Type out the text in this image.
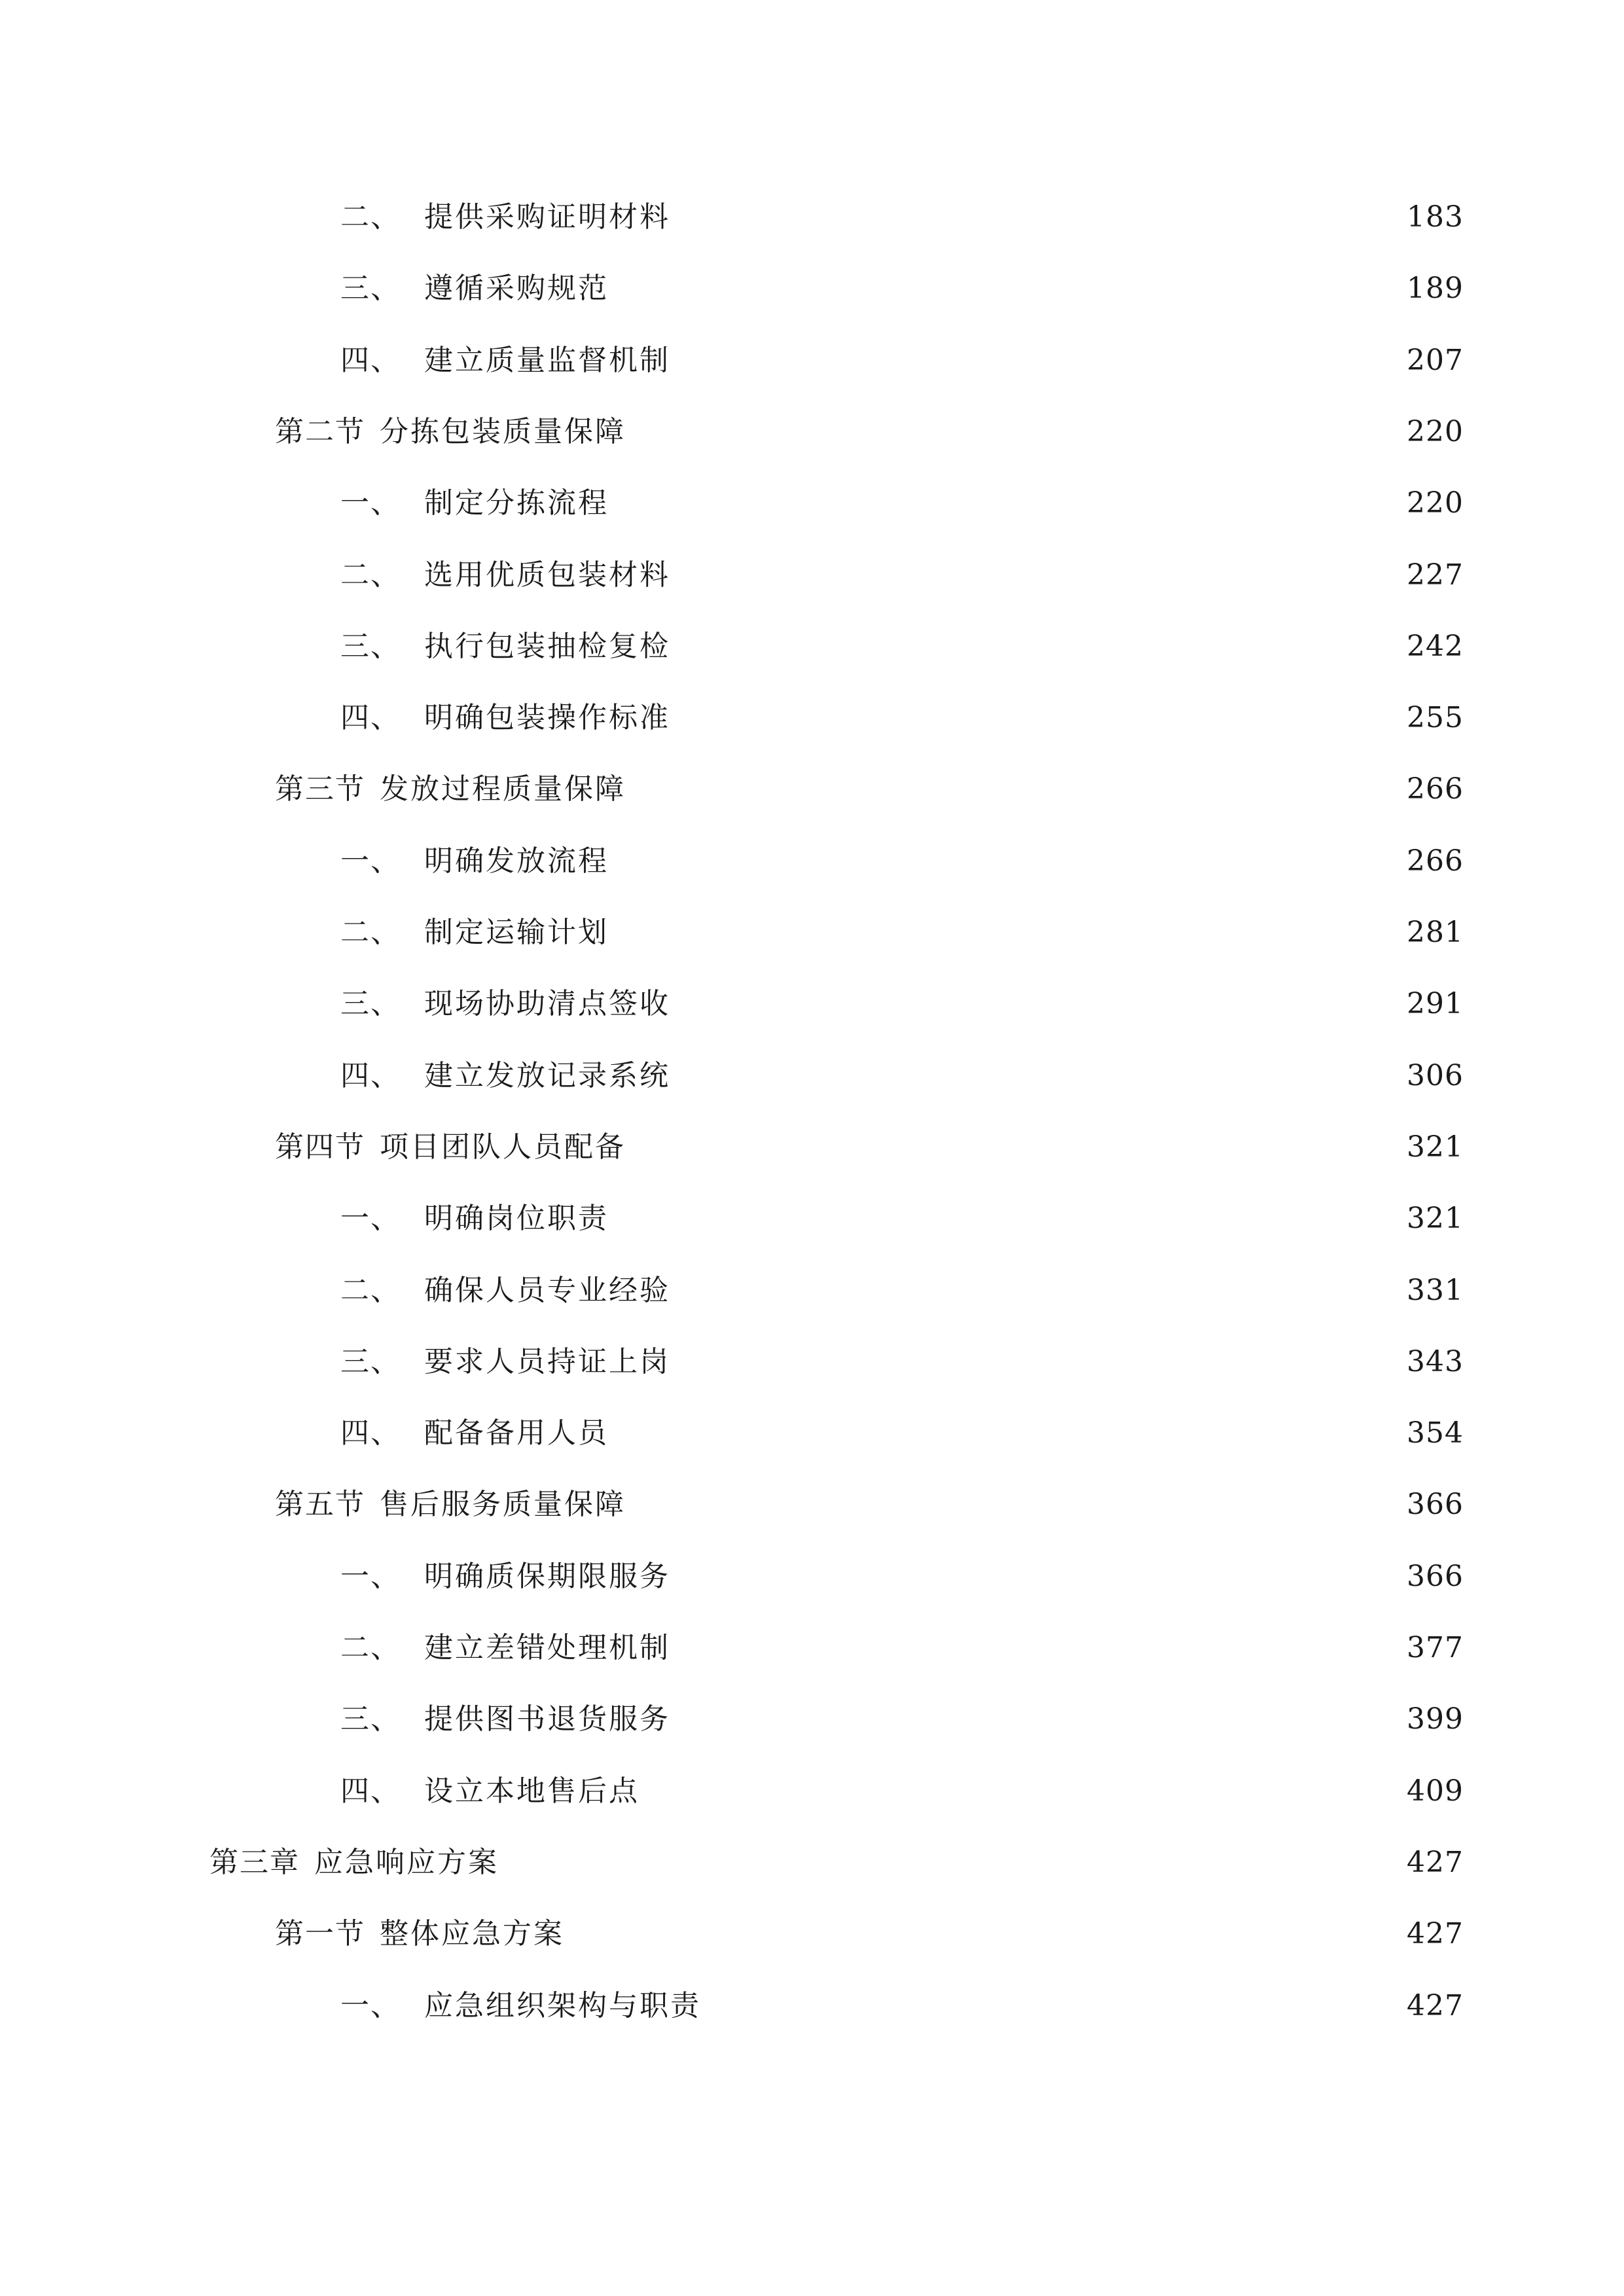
二、 提供采购证明材料	183
三、 遵循采购规范	189
四、 建立质量监督机制	207
第二节 分拣包装质量保障	220
一、 制定分拣流程	220
二、 选用优质包装材料	227
三、 执行包装抽检复检	242
四、 明确包装操作标准	255
第三节 发放过程质量保障	266
一、 明确发放流程	266
二、 制定运输计划	281
三、 现场协助清点签收	291
四、 建立发放记录系统	306
第四节 项目团队人员配备	321
一、 明确岗位职责	321
二、 确保人员专业经验	331
三、 要求人员持证上岗	343
四、 配备备用人员	354
第五节 售后服务质量保障	366
一、 明确质保期限服务	366
二、 建立差错处理机制	377
三、 提供图书退货服务	399
四、 设立本地售后点	409
第三章 应急响应方案	427
第一节 整体应急方案	427
一、 应急组织架构与职责	427
